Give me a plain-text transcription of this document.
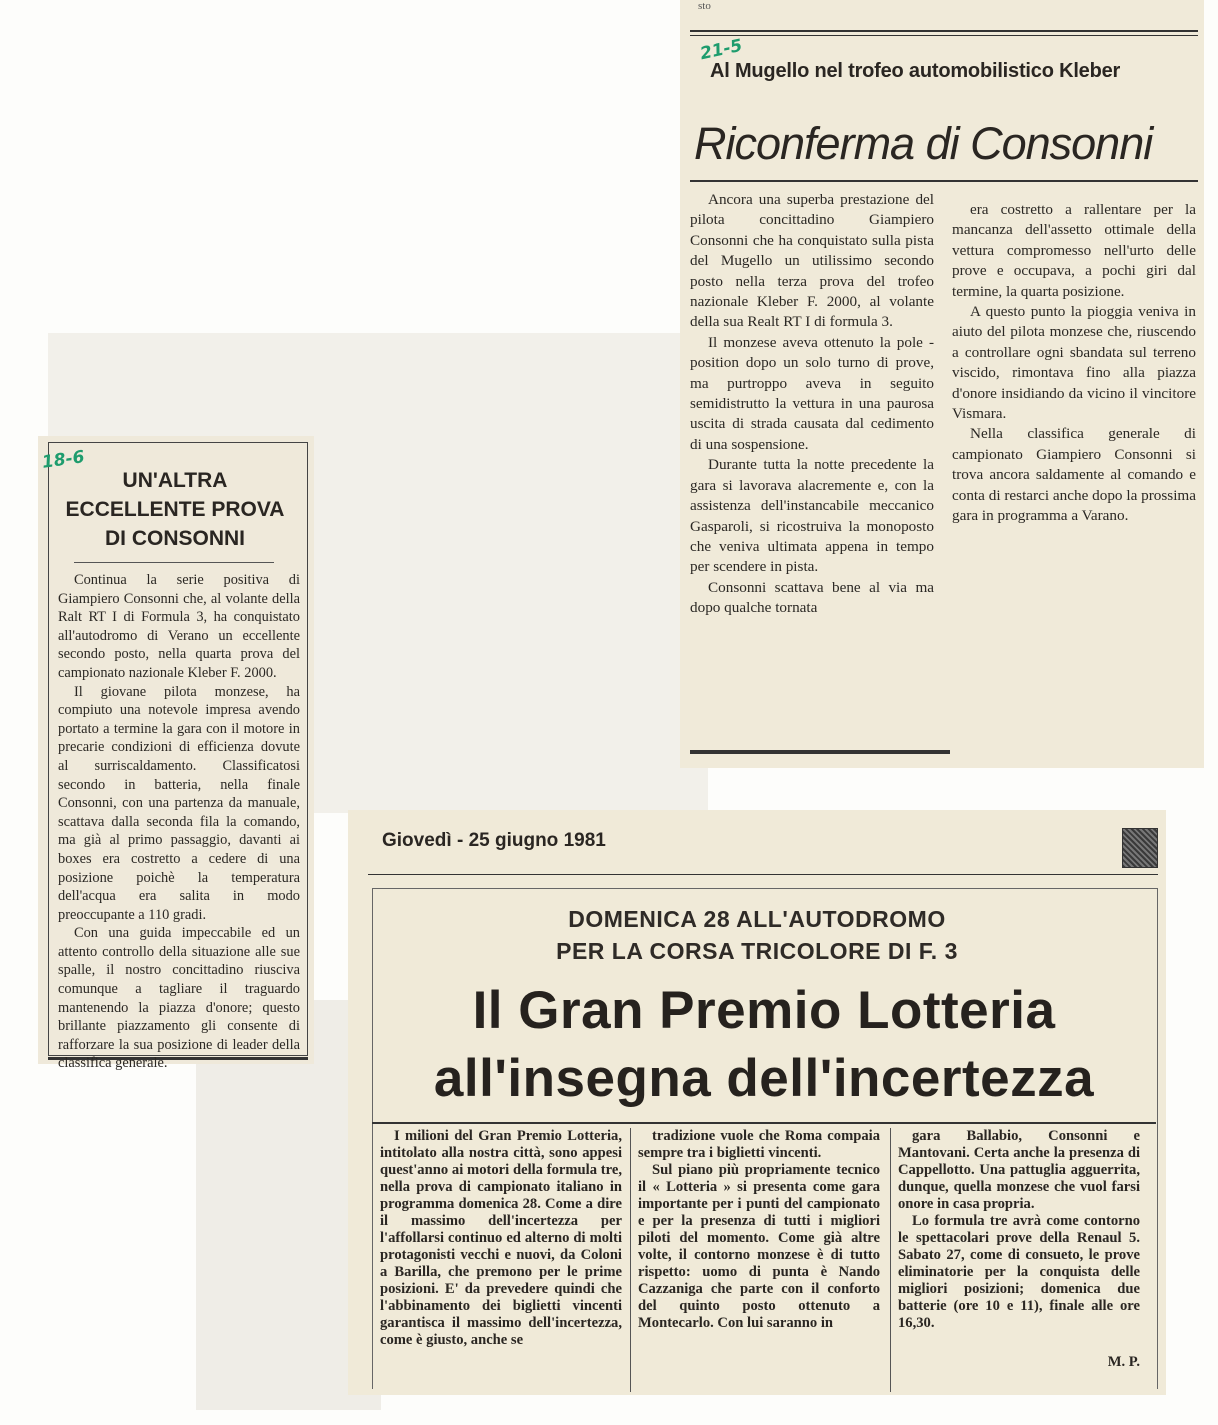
sto
21-5
Al Mugello nel trofeo automobilistico Kleber
Riconferma di Consonni

Ancora una superba prestazione del pilota concittadino Giampiero Consonni che ha conquistato sulla pista del Mugello un utilissimo secondo posto nella terza prova del trofeo nazionale Kleber F. 2000, al volante della sua Realt RT I di formula 3.

Il monzese aveva ottenuto la pole - position dopo un solo turno di prove, ma purtroppo aveva in seguito semidistrutto la vettura in una paurosa uscita di strada causata dal cedimento di una sospensione.

Durante tutta la notte precedente la gara si lavorava alacremente e, con la assistenza dell'instancabile meccanico Gasparoli, si ricostruiva la monoposto che veniva ultimata appena in tempo per scendere in pista.

Consonni scattava bene al via ma dopo qualche tornata

era costretto a rallentare per la mancanza dell'assetto ottimale della vettura compromesso nell'urto delle prove e occupava, a pochi giri dal termine, la quarta posizione.

A questo punto la pioggia veniva in aiuto del pilota monzese che, riuscendo a controllare ogni sbandata sul terreno viscido, rimontava fino alla piazza d'onore insidiando da vicino il vincitore Vismara.

Nella classifica generale di campionato Giampiero Consonni si trova ancora saldamente al comando e conta di restarci anche dopo la prossima gara in programma a Varano.

18-6
UN'ALTRA
ECCELLENTE PROVA
DI CONSONNI

Continua la serie positiva di Giampiero Consonni che, al volante della Ralt RT I di Formula 3, ha conquistato all'autodromo di Verano un eccellente secondo posto, nella quarta prova del campionato nazionale Kleber F. 2000.

Il giovane pilota monzese, ha compiuto una notevole impresa avendo portato a termine la gara con il motore in precarie condizioni di efficienza dovute al surriscaldamento. Classificatosi secondo in batteria, nella finale Consonni, con una partenza da manuale, scattava dalla seconda fila la comando, ma già al primo passaggio, davanti ai boxes era costretto a cedere di una posizione poichè la temperatura dell'acqua era salita in modo preoccupante a 110 gradi.

Con una guida impeccabile ed un attento controllo della situazione alle sue spalle, il nostro concittadino riusciva comunque a tagliare il traguardo mantenendo la piazza d'onore; questo brillante piazzamento gli consente di rafforzare la sua posizione di leader della classifica generale.

Giovedì - 25 giugno 1981
DOMENICA 28 ALL'AUTODROMO
PER LA CORSA TRICOLORE DI F. 3
Il Gran Premio Lotteria
all'insegna dell'incertezza

I milioni del Gran Premio Lotteria, intitolato alla nostra città, sono appesi quest'anno ai motori della formula tre, nella prova di campionato italiano in programma domenica 28. Come a dire il massimo dell'incertezza per l'affollarsi continuo ed alterno di molti protagonisti vecchi e nuovi, da Coloni a Barilla, che premono per le prime posizioni. E' da prevedere quindi che l'abbinamento dei biglietti vincenti garantisca il massimo dell'incertezza, come è giusto, anche se

tradizione vuole che Roma compaia sempre tra i biglietti vincenti.

Sul piano più propriamente tecnico il « Lotteria » si presenta come gara importante per i punti del campionato e per la presenza di tutti i migliori piloti del momento. Come già altre volte, il contorno monzese è di tutto rispetto: uomo di punta è Nando Cazzaniga che parte con il conforto del quinto posto ottenuto a Montecarlo. Con lui saranno in

gara Ballabio, Consonni e Mantovani. Certa anche la presenza di Cappellotto. Una pattuglia agguerrita, dunque, quella monzese che vuol farsi onore in casa propria.

Lo formula tre avrà come contorno le spettacolari prove della Renaul 5. Sabato 27, come di consueto, le prove eliminatorie per la conquista delle migliori posizioni; domenica due batterie (ore 10 e 11), finale alle ore 16,30.

M. P.
